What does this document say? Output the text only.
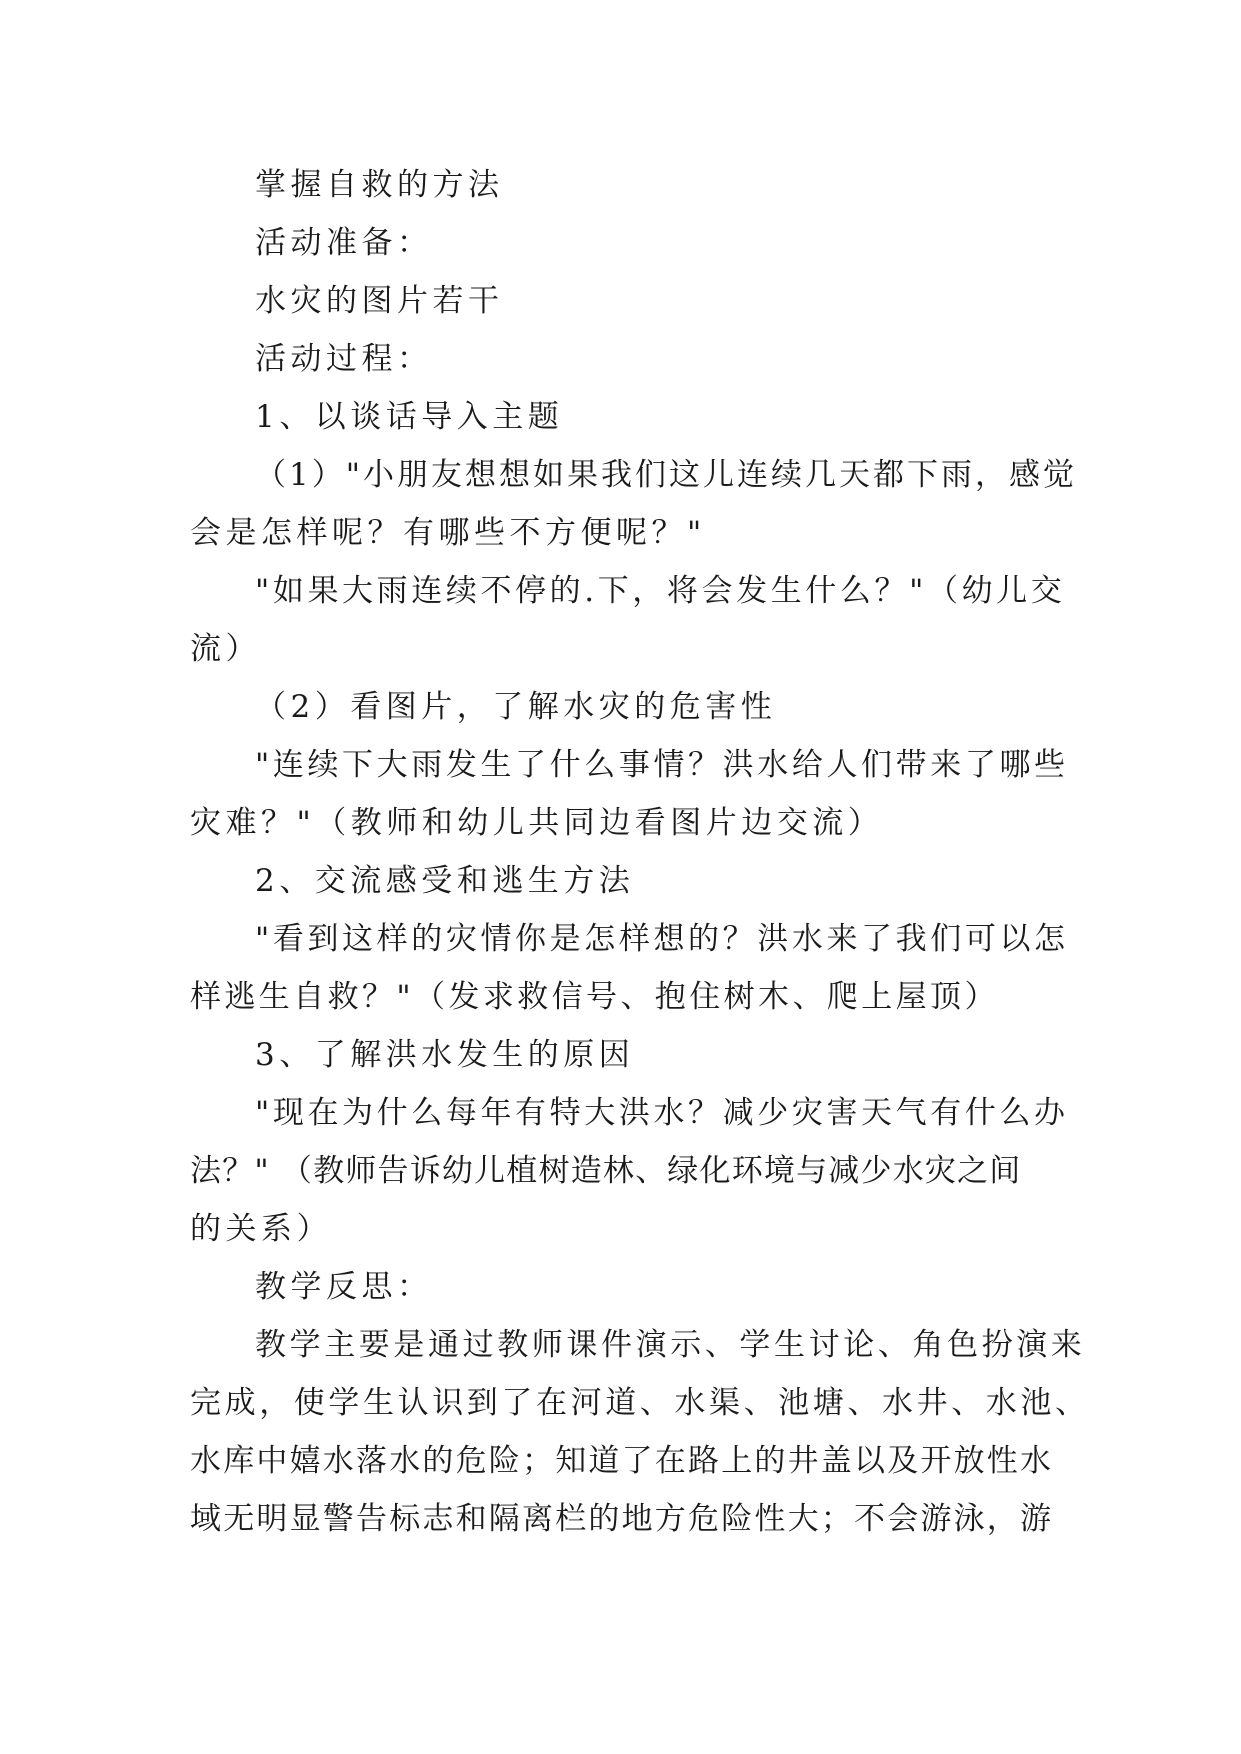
掌握自救的方法
活动准备：
水灾的图片若干
活动过程：
1、以谈话导入主题
（1）"小朋友想想如果我们这儿连续几天都下雨，感觉
会是怎样呢？有哪些不方便呢？"
"如果大雨连续不停的.下，将会发生什么？"（幼儿交
流）
（2）看图片，了解水灾的危害性
"连续下大雨发生了什么事情？洪水给人们带来了哪些
灾难？"（教师和幼儿共同边看图片边交流）
2、交流感受和逃生方法
"看到这样的灾情你是怎样想的？洪水来了我们可以怎
样逃生自救？"（发求救信号、抱住树木、爬上屋顶）
3、了解洪水发生的原因
"现在为什么每年有特大洪水？减少灾害天气有什么办
法？" （教师告诉幼儿植树造林、绿化环境与减少水灾之间
的关系）
教学反思：
教学主要是通过教师课件演示、学生讨论、角色扮演来
完成，使学生认识到了在河道、水渠、池塘、水井、水池、
水库中嬉水落水的危险；知道了在路上的井盖以及开放性水
域无明显警告标志和隔离栏的地方危险性大；不会游泳，游
